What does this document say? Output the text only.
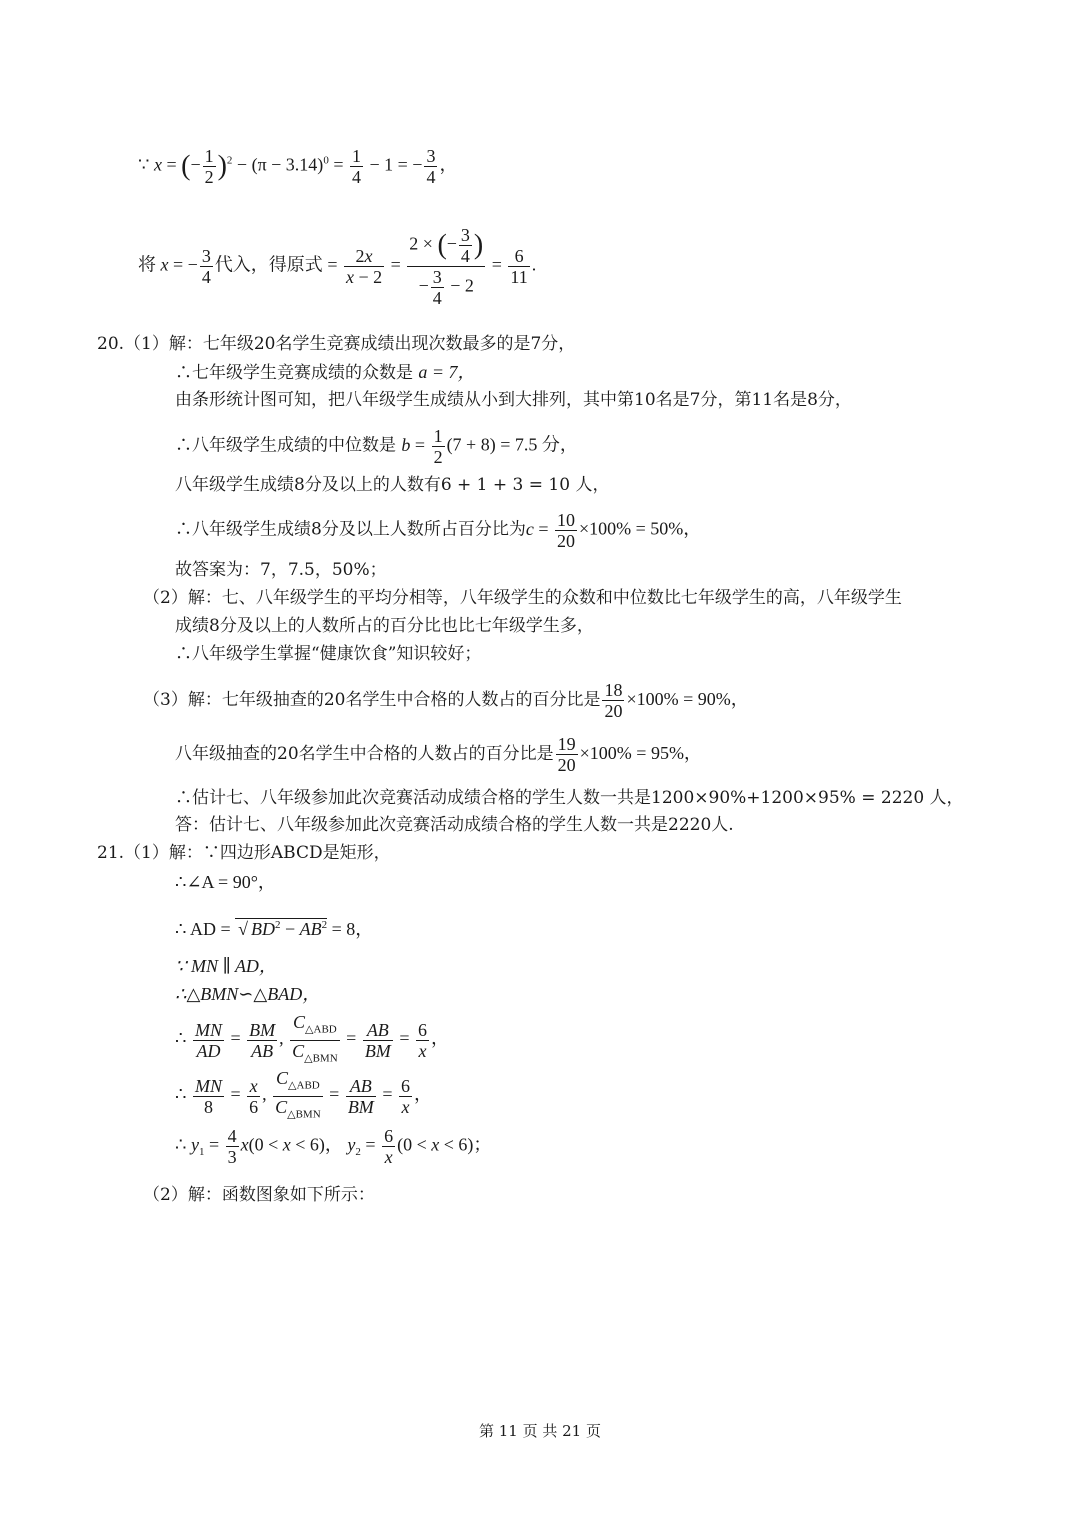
∵ x = (− $\frac{1}{2} )^2 - (\pi - 3.14)^0 = \frac{1}{4} - 1$ = − $\frac{3}{4}$ ，
将 x = − $\frac{3}{4}$ 代入，得原式 = $\frac{2x}{x - 2} = \frac{2 \times (- \frac{3}{4} )}{- \frac{3}{4} - 2} = \frac{6}{11}$ .
20.（1）解：七年级20名学生竞赛成绩出现次数最多的是7分，
∴七年级学生竞赛成绩的众数是 a = 7，
由条形统计图可知，把八年级学生成绩从小到大排列，其中第10名是7分，第11名是8分，
∴八年级学生成绩的中位数是 $b = \frac{1}{2} (7 + 8) = 7.5$ 分，
八年级学生成绩8分及以上的人数有6 + 1 + 3 = 10 人，
∴八年级学生成绩8分及以上人数所占百分比为$c = \frac{10}{20} \times 100\% = 50\%$，
故答案为：7，7.5，50%；
（2）解：七、八年级学生的平均分相等，八年级学生的众数和中位数比七年级学生的高，八年级学生
成绩8分及以上的人数所占的百分比也比七年级学生多，
∴八年级学生掌握“健康饮食”知识较好；
（3）解：七年级抽查的20名学生中合格的人数占的百分比是 $\frac{18}{20} \times 100\% = 90\%$，
八年级抽查的20名学生中合格的人数占的百分比是 $\frac{19}{20} \times 100\% = 95\%$，
∴估计七、八年级参加此次竞赛活动成绩合格的学生人数一共是1200×90%+1200×95% = 2220 人，
答：估计七、八年级参加此次竞赛活动成绩合格的学生人数一共是2220人.
21.（1）解：∵四边形ABCD是矩形，
∴∠A = 90°，
∴ AD = √ $BD^2 - AB^2 = 8$，
∵ MN ∥ AD，
∴△BMN∽△BAD，
∴ $\frac{MN}{AD} = \frac{BM}{AB}$ , $\frac{C_{\triangle ABD}}{C_{\triangle BMN}} = \frac{AB}{BM} = \frac{6}{x}$ ，
∴ $\frac{MN}{8} = \frac{x}{6}$ , $\frac{C_{\triangle ABD}}{C_{\triangle BMN}} = \frac{AB}{BM} = \frac{6}{x}$ ，
∴ $y_1 = \frac{4}{3} x(0 < x < 6)$， $y_2 = \frac{6}{x} (0 < x < 6)$；
（2）解：函数图象如下所示：
第 11 页 共 21 页
